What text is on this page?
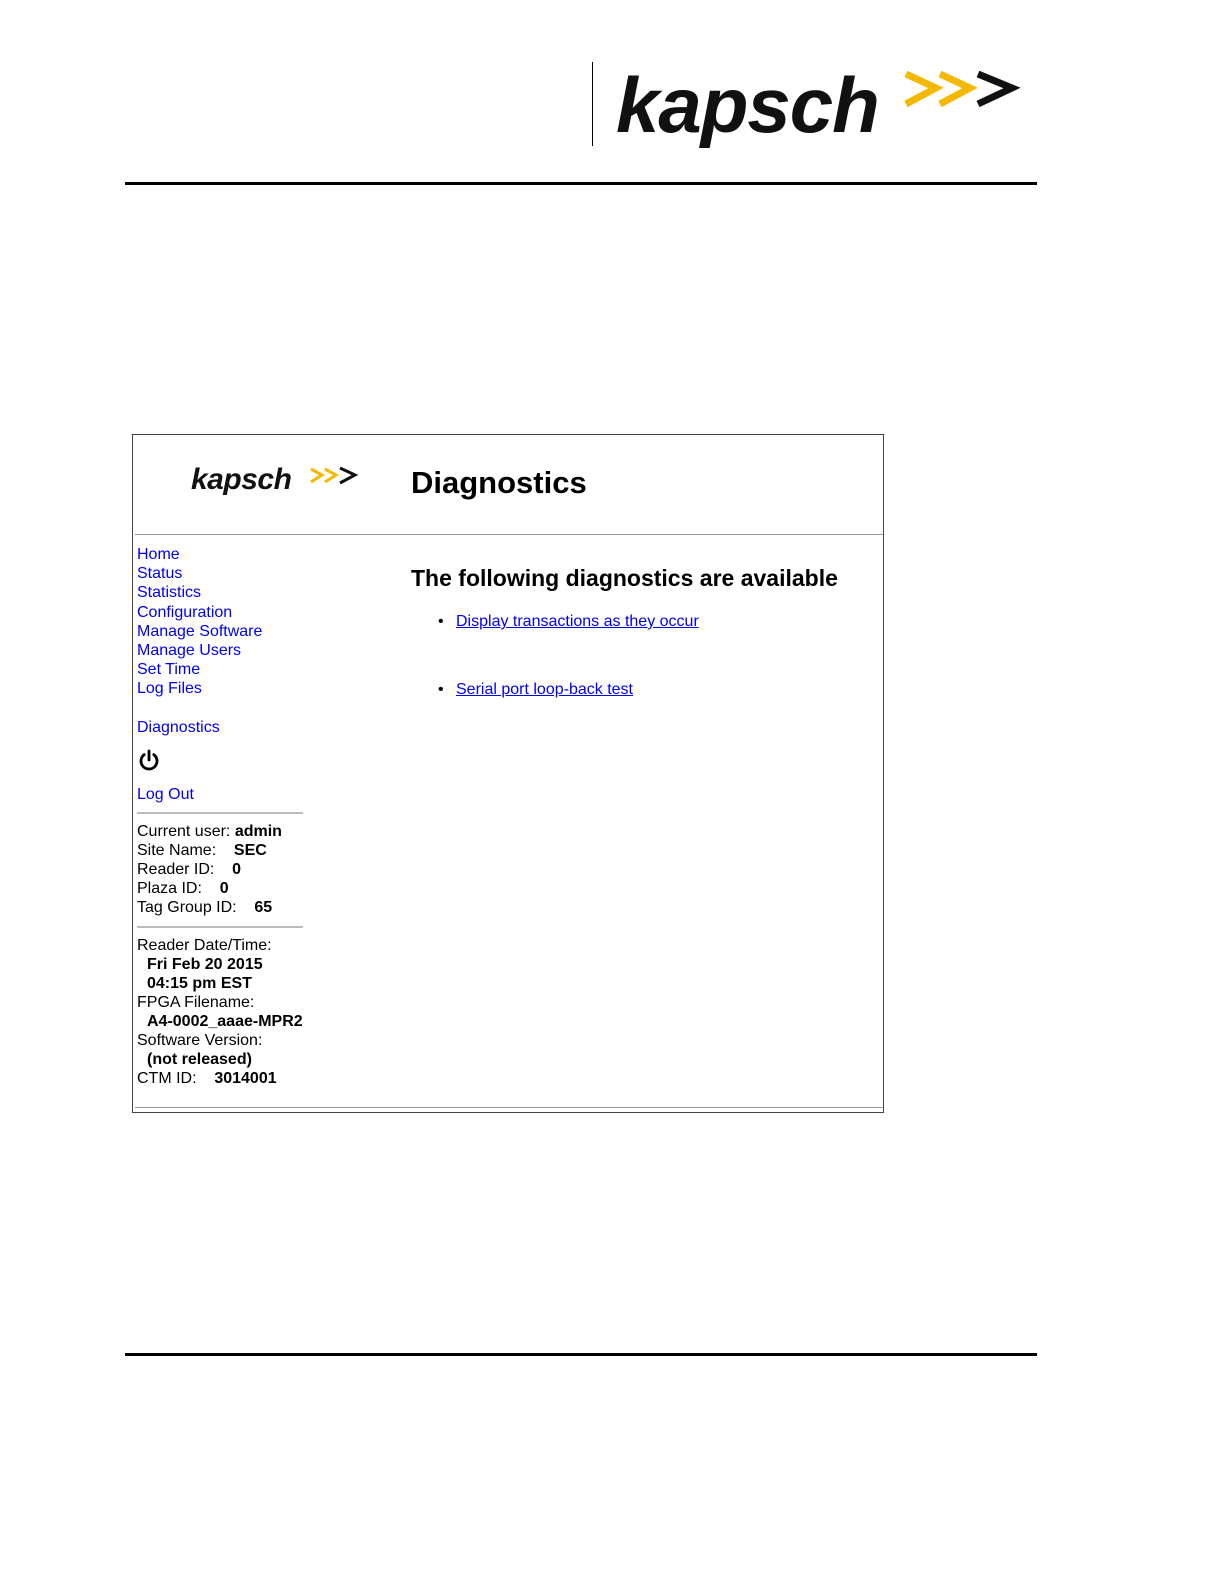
kapsch
kapsch	Diagnostics
Home
Status
Statistics
Configuration
Manage Software
Manage Users
Set Time
Log Files
Diagnostics
Log Out
Current user: admin
Site Name: SEC
Reader ID: 0
Plaza ID: 0
Tag Group ID: 65
Reader Date/Time:
Fri Feb 20 2015
04:15 pm EST
FPGA Filename:
A4-0002_aaae-MPR2
Software Version:
(not released)
CTM ID: 3014001
The following diagnostics are available
• Display transactions as they occur
• Serial port loop-back test
